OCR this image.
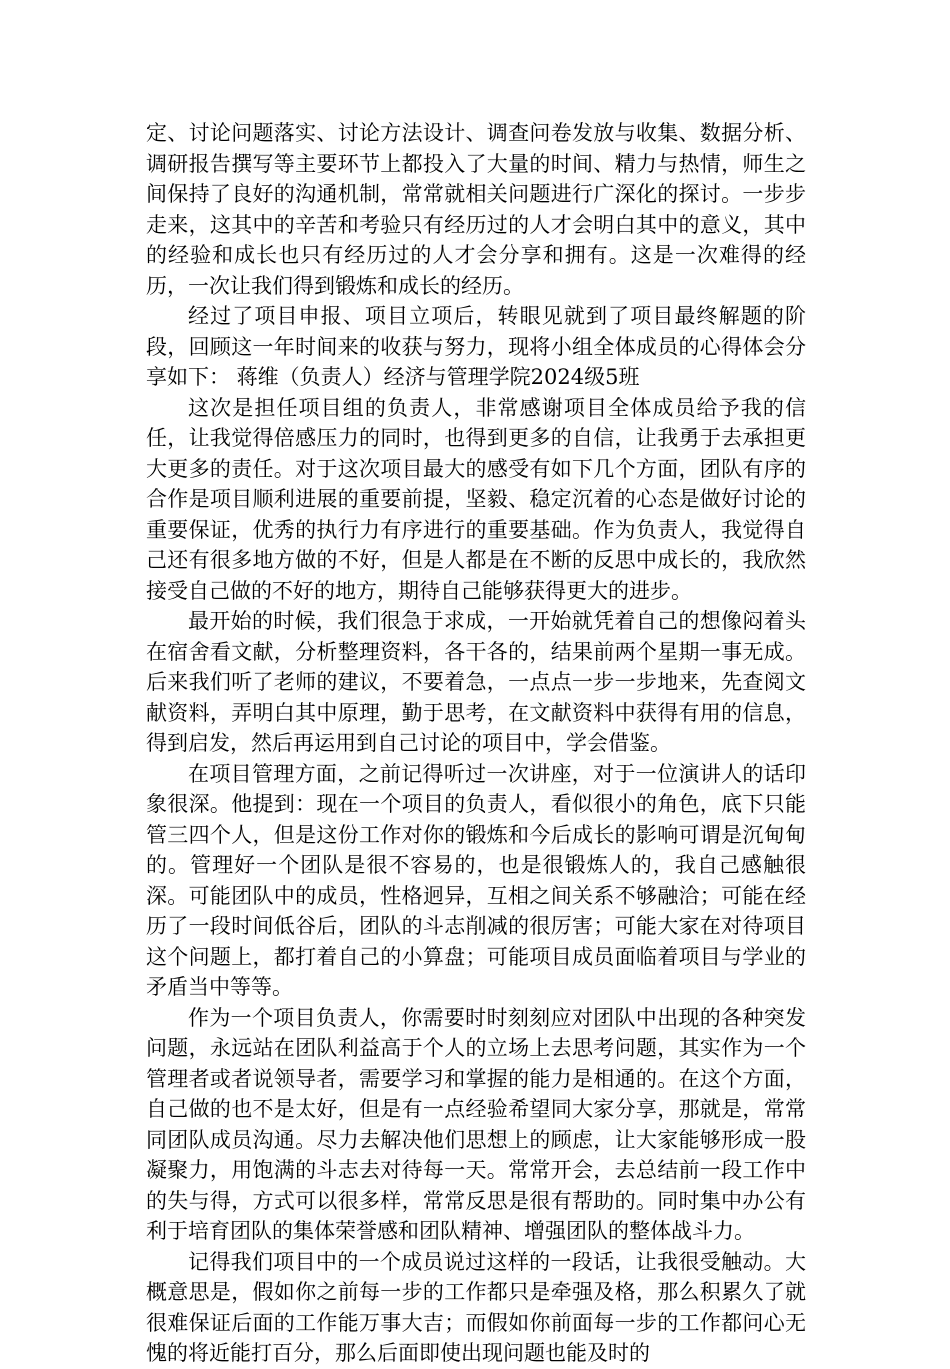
定、讨论问题落实、讨论方法设计、调查问卷发放与收集、数据分析、调研报告撰写等主要环节上都投入了大量的时间、精力与热情，师生之间保持了良好的沟通机制，常常就相关问题进行广深化的探讨。一步步走来，这其中的辛苦和考验只有经历过的人才会明白其中的意义，其中的经验和成长也只有经历过的人才会分享和拥有。这是一次难得的经历，一次让我们得到锻炼和成长的经历。

经过了项目申报、项目立项后，转眼见就到了项目最终解题的阶段，回顾这一年时间来的收获与努力，现将小组全体成员的心得体会分享如下： 蒋维（负责人）经济与管理学院2024级5班

这次是担任项目组的负责人，非常感谢项目全体成员给予我的信任，让我觉得倍感压力的同时，也得到更多的自信，让我勇于去承担更大更多的责任。对于这次项目最大的感受有如下几个方面，团队有序的合作是项目顺利进展的重要前提，坚毅、稳定沉着的心态是做好讨论的重要保证，优秀的执行力有序进行的重要基础。作为负责人，我觉得自己还有很多地方做的不好，但是人都是在不断的反思中成长的，我欣然接受自己做的不好的地方，期待自己能够获得更大的进步。

最开始的时候，我们很急于求成，一开始就凭着自己的想像闷着头在宿舍看文献，分析整理资料，各干各的，结果前两个星期一事无成。后来我们听了老师的建议，不要着急，一点点一步一步地来，先查阅文献资料，弄明白其中原理，勤于思考，在文献资料中获得有用的信息，得到启发，然后再运用到自己讨论的项目中，学会借鉴。

在项目管理方面，之前记得听过一次讲座，对于一位演讲人的话印象很深。他提到：现在一个项目的负责人，看似很小的角色，底下只能管三四个人，但是这份工作对你的锻炼和今后成长的影响可谓是沉甸甸的。管理好一个团队是很不容易的，也是很锻炼人的，我自己感触很深。可能团队中的成员，性格迥异，互相之间关系不够融洽；可能在经历了一段时间低谷后，团队的斗志削减的很厉害；可能大家在对待项目这个问题上，都打着自己的小算盘；可能项目成员面临着项目与学业的矛盾当中等等。

作为一个项目负责人，你需要时时刻刻应对团队中出现的各种突发问题，永远站在团队利益高于个人的立场上去思考问题，其实作为一个管理者或者说领导者，需要学习和掌握的能力是相通的。在这个方面，自己做的也不是太好，但是有一点经验希望同大家分享，那就是，常常同团队成员沟通。尽力去解决他们思想上的顾虑，让大家能够形成一股凝聚力，用饱满的斗志去对待每一天。常常开会，去总结前一段工作中的失与得，方式可以很多样，常常反思是很有帮助的。同时集中办公有利于培育团队的集体荣誉感和团队精神、增强团队的整体战斗力。

记得我们项目中的一个成员说过这样的一段话，让我很受触动。大概意思是，假如你之前每一步的工作都只是牵强及格，那么积累久了就很难保证后面的工作能万事大吉；而假如你前面每一步的工作都问心无愧的将近能打百分，那么后面即使出现问题也能及时的
